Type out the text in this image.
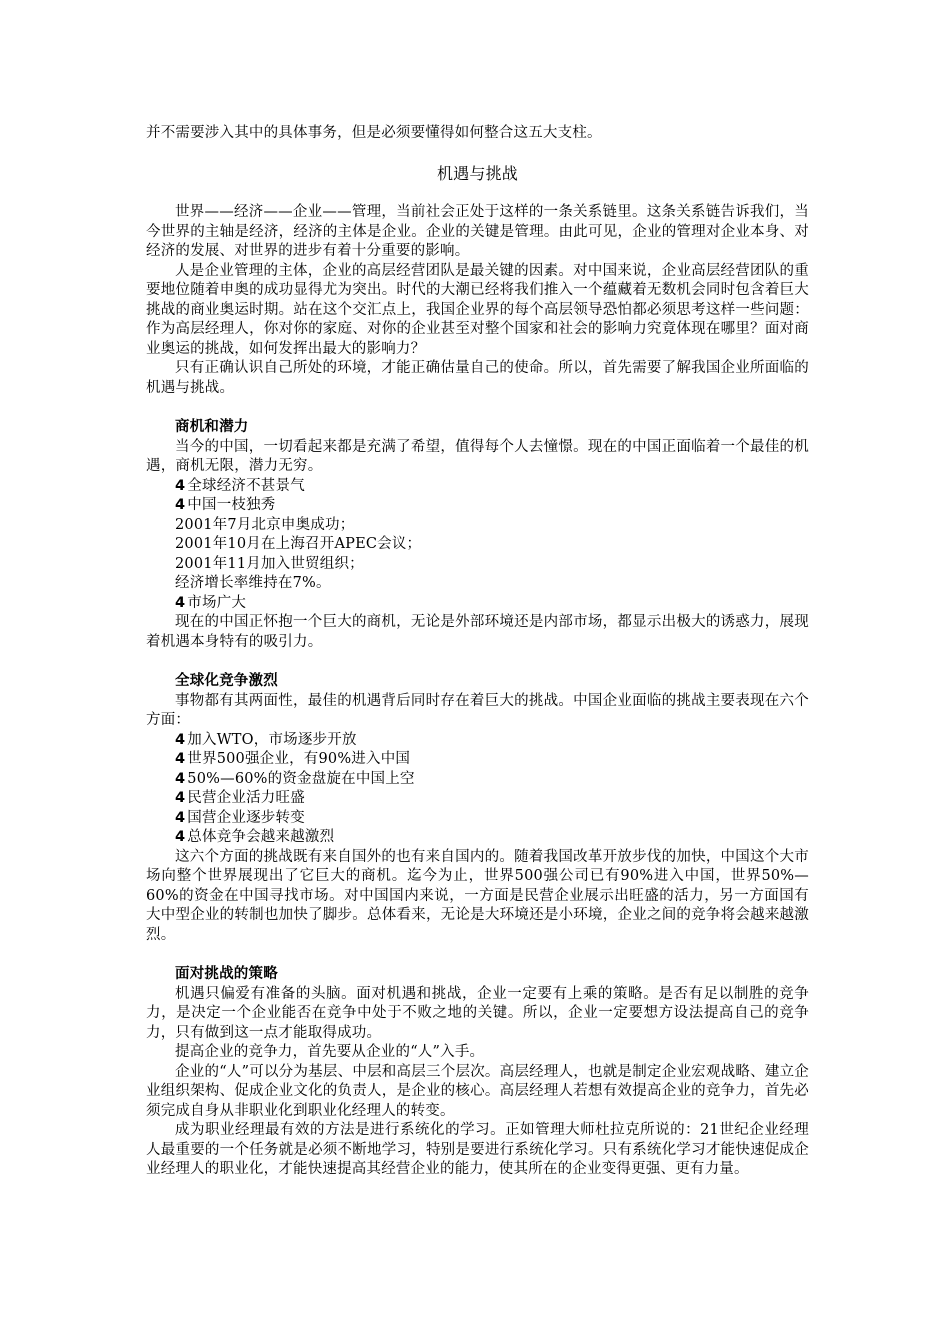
并不需要涉入其中的具体事务，但是必须要懂得如何整合这五大支柱。
机遇与挑战

世界——经济——企业——管理，当前社会正处于这样的一条关系链里。这条关系链告诉我们，当今世界的主轴是经济，经济的主体是企业。企业的关键是管理。由此可见，企业的管理对企业本身、对经济的发展、对世界的进步有着十分重要的影响。

人是企业管理的主体，企业的高层经营团队是最关键的因素。对中国来说，企业高层经营团队的重要地位随着申奥的成功显得尤为突出。时代的大潮已经将我们推入一个蕴藏着无数机会同时包含着巨大挑战的商业奥运时期。站在这个交汇点上，我国企业界的每个高层领导恐怕都必须思考这样一些问题：作为高层经理人，你对你的家庭、对你的企业甚至对整个国家和社会的影响力究竟体现在哪里？面对商业奥运的挑战，如何发挥出最大的影响力？

只有正确认识自己所处的环境，才能正确估量自己的使命。所以，首先需要了解我国企业所面临的机遇与挑战。

商机和潜力

当今的中国，一切看起来都是充满了希望，值得每个人去憧憬。现在的中国正面临着一个最佳的机遇，商机无限，潜力无穷。

4 全球经济不甚景气
4 中国一枝独秀
2001年7月北京申奥成功；
2001年10月在上海召开APEC会议；
2001年11月加入世贸组织；
经济增长率维持在7%。
4 市场广大

现在的中国正怀抱一个巨大的商机，无论是外部环境还是内部市场，都显示出极大的诱惑力，展现着机遇本身特有的吸引力。

全球化竞争激烈

事物都有其两面性，最佳的机遇背后同时存在着巨大的挑战。中国企业面临的挑战主要表现在六个方面：

4 加入WTO，市场逐步开放
4 世界500强企业，有90%进入中国
4 50%—60%的资金盘旋在中国上空
4 民营企业活力旺盛
4 国营企业逐步转变
4 总体竞争会越来越激烈

这六个方面的挑战既有来自国外的也有来自国内的。随着我国改革开放步伐的加快，中国这个大市场向整个世界展现出了它巨大的商机。迄今为止，世界500强公司已有90%进入中国，世界50%—60%的资金在中国寻找市场。对中国国内来说，一方面是民营企业展示出旺盛的活力，另一方面国有大中型企业的转制也加快了脚步。总体看来，无论是大环境还是小环境，企业之间的竞争将会越来越激烈。

面对挑战的策略

机遇只偏爱有准备的头脑。面对机遇和挑战，企业一定要有上乘的策略。是否有足以制胜的竞争力，是决定一个企业能否在竞争中处于不败之地的关键。所以，企业一定要想方设法提高自己的竞争力，只有做到这一点才能取得成功。

提高企业的竞争力，首先要从企业的“人”入手。

企业的“人”可以分为基层、中层和高层三个层次。高层经理人，也就是制定企业宏观战略、建立企业组织架构、促成企业文化的负责人，是企业的核心。高层经理人若想有效提高企业的竞争力，首先必须完成自身从非职业化到职业化经理人的转变。

成为职业经理最有效的方法是进行系统化的学习。正如管理大师杜拉克所说的：21世纪企业经理人最重要的一个任务就是必须不断地学习，特别是要进行系统化学习。只有系统化学习才能快速促成企业经理人的职业化，才能快速提高其经营企业的能力，使其所在的企业变得更强、更有力量。
